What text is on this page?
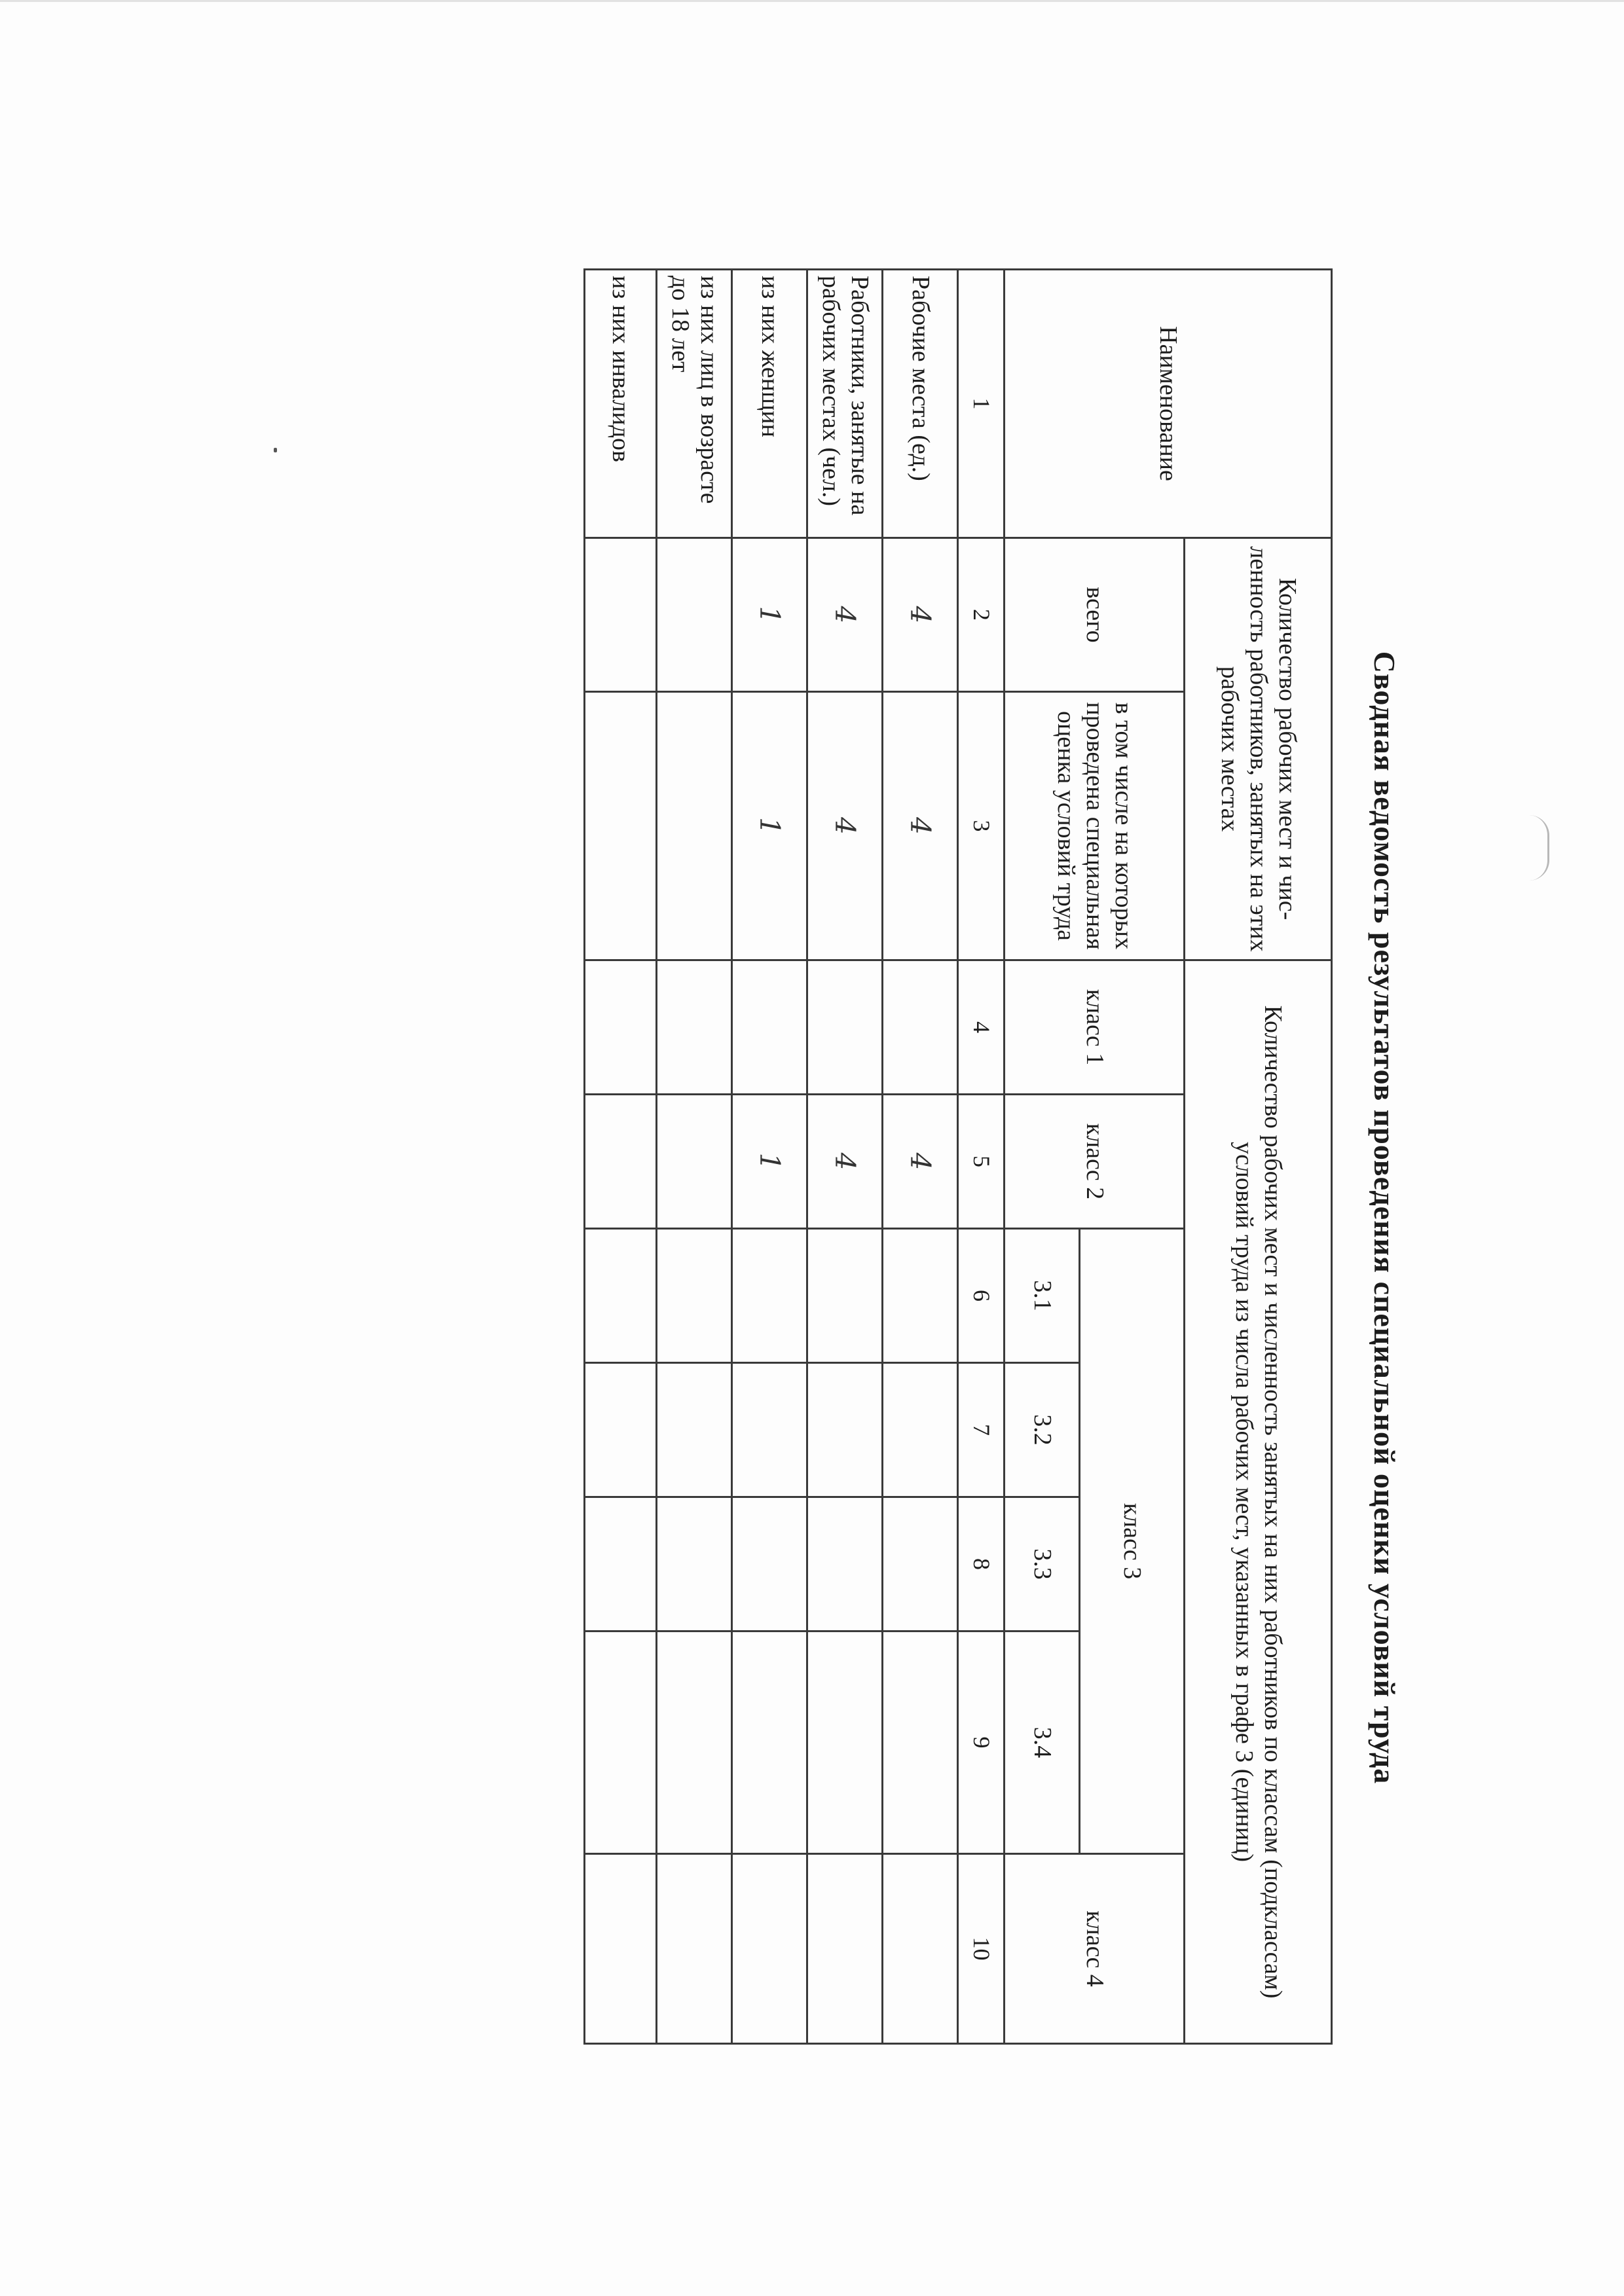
Сводная ведомость результатов проведения специальной оценки условий труда
Наименование	Количество рабочих мест и чис-ленность работников, занятых на этих рабочих местах		Количество рабочих мест и численность занятых на них работников по классам (подклассам) условий труда из числа рабочих мест, указанных в графе 3 (единиц)						
	всего	в том числе на которых проведена специальная оценка условий труда	класс 1	класс 2	класс 3				класс 4
					3.1	3.2	3.3	3.4	
1	2	3	4	5	6	7	8	9	10
Рабочие места (ед.)	4	4		4					
Работники, занятые на рабочих местах (чел.)	4	4		4					
из них женщин	1	1		1					
из них лиц в возрасте до 18 лет									
из них инвалидов									
